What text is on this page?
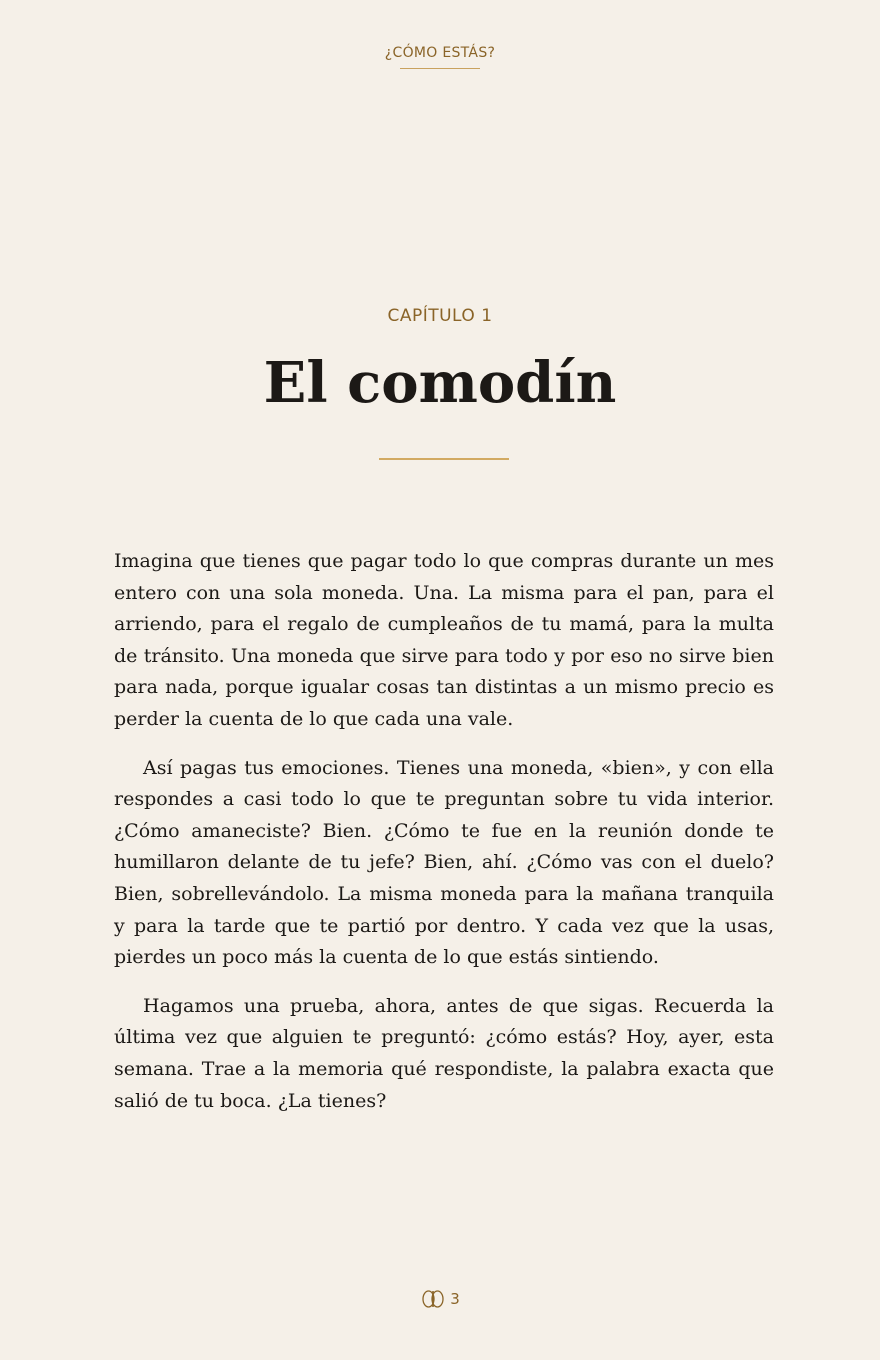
¿CÓMO ESTÁS?
CAPÍTULO 1
El comodín

Imagina que tienes que pagar todo lo que compras durante un mes entero con una sola moneda. Una. La misma para el pan, para el arriendo, para el regalo de cumpleaños de tu mamá, para la multa de tránsito. Una moneda que sirve para todo y por eso no sirve bien para nada, porque igualar cosas tan distintas a un mismo precio es perder la cuenta de lo que cada una vale.

Así pagas tus emociones. Tienes una moneda, «bien», y con ella respondes a casi todo lo que te preguntan sobre tu vida interior. ¿Cómo amaneciste? Bien. ¿Cómo te fue en la reunión donde te humillaron delante de tu jefe? Bien, ahí. ¿Cómo vas con el duelo? Bien, sobrellevándolo. La misma moneda para la mañana tranquila y para la tarde que te partió por dentro. Y cada vez que la usas, pierdes un poco más la cuenta de lo que estás sintiendo.

Hagamos una prueba, ahora, antes de que sigas. Recuerda la última vez que alguien te preguntó: ¿cómo estás? Hoy, ayer, esta semana. Trae a la memoria qué respondiste, la palabra exacta que salió de tu boca. ¿La tienes?

3
